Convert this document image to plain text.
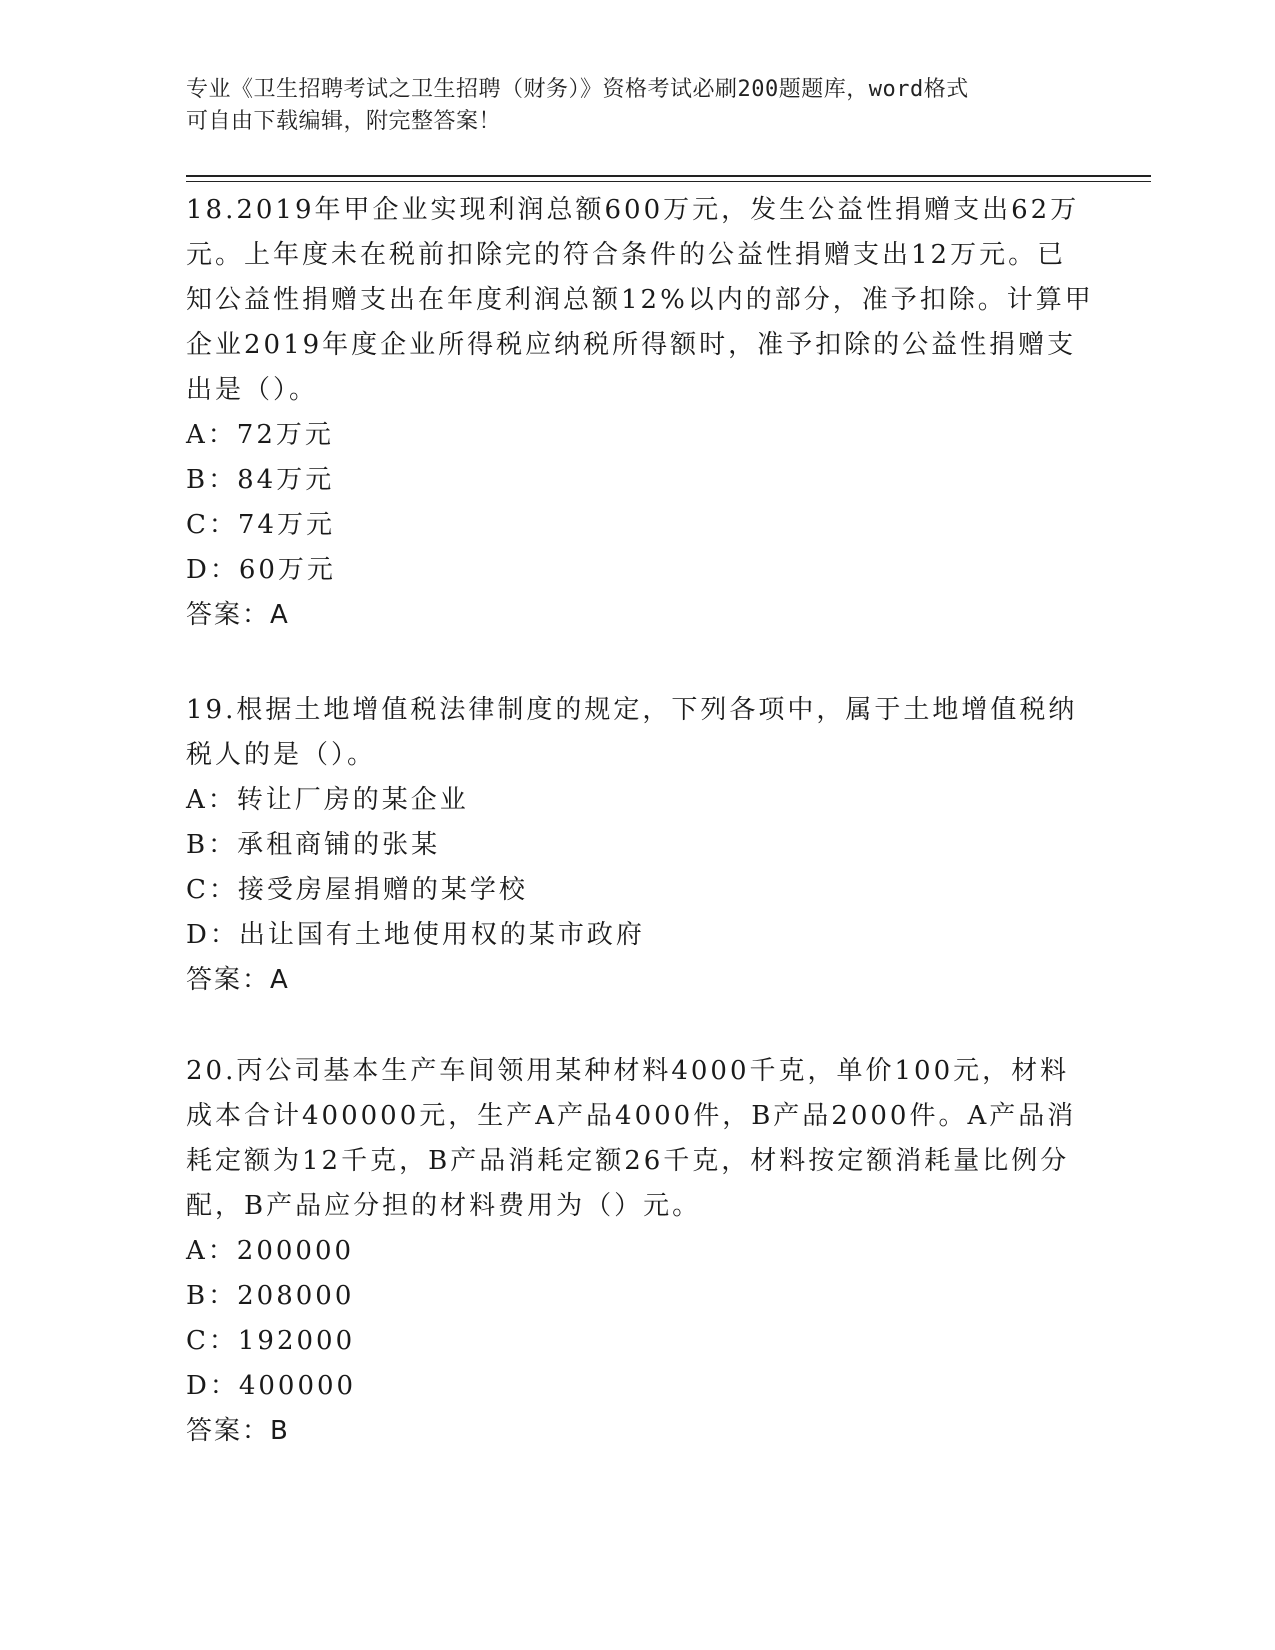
专业《卫生招聘考试之卫生招聘（财务）》资格考试必刷200题题库，word格式
可自由下载编辑，附完整答案！
18.2019年甲企业实现利润总额600万元，发生公益性捐赠支出62万
元。上年度未在税前扣除完的符合条件的公益性捐赠支出12万元。已
知公益性捐赠支出在年度利润总额12%以内的部分，准予扣除。计算甲
企业2019年度企业所得税应纳税所得额时，准予扣除的公益性捐赠支
出是（）。
A：72万元
B：84万元
C：74万元
D：60万元
答案：A
19.根据土地增值税法律制度的规定，下列各项中，属于土地增值税纳
税人的是（）。
A：转让厂房的某企业
B：承租商铺的张某
C：接受房屋捐赠的某学校
D：出让国有土地使用权的某市政府
答案：A
20.丙公司基本生产车间领用某种材料4000千克，单价100元，材料
成本合计400000元，生产A产品4000件，B产品2000件。A产品消
耗定额为12千克，B产品消耗定额26千克，材料按定额消耗量比例分
配，B产品应分担的材料费用为（）元。
A：200000
B：208000
C：192000
D：400000
答案：B
